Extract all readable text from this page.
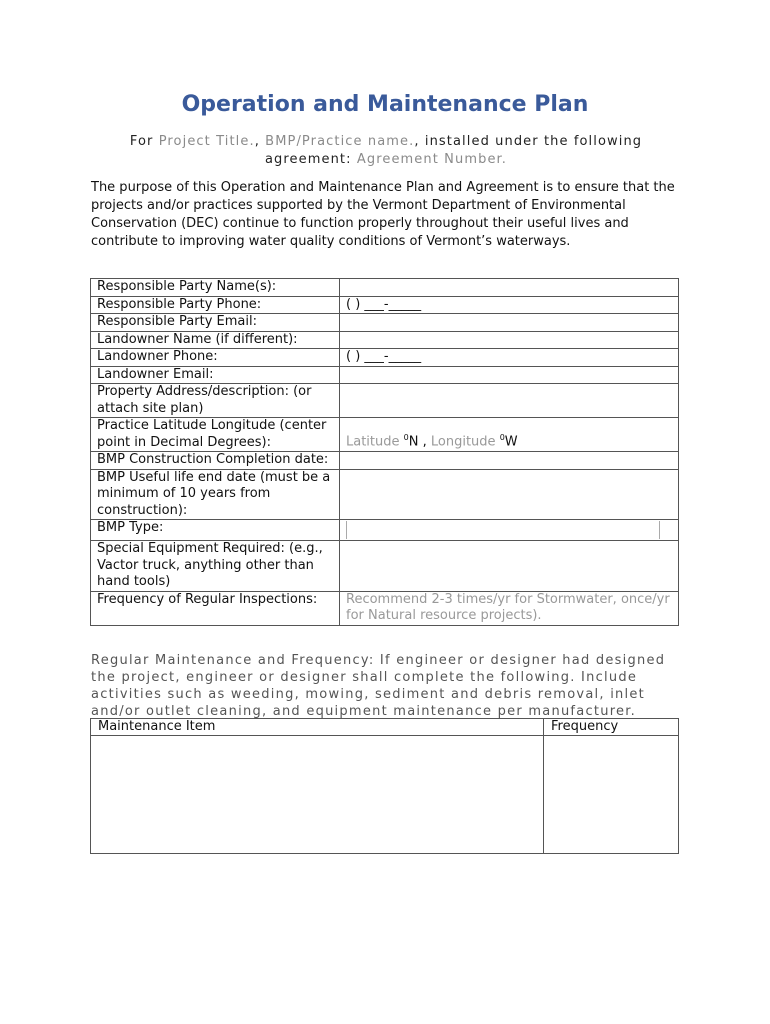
Operation and Maintenance Plan
For Project Title., BMP/Practice name., installed under the following
agreement: Agreement Number.
The purpose of this Operation and Maintenance Plan and Agreement is to ensure that the projects and/or practices supported by the Vermont Department of Environmental Conservation (DEC) continue to function properly throughout their useful lives and contribute to improving water quality conditions of Vermont’s waterways.
Responsible Party Name(s):	
Responsible Party Phone:	( ) ___-_____
Responsible Party Email:	
Landowner Name (if different):	
Landowner Phone:	( ) ___-_____
Landowner Email:	
Property Address/description: (or attach site plan)	
Practice Latitude Longitude (center point in Decimal Degrees):	Latitude $^0$N , Longitude $^0$W
BMP Construction Completion date:	
BMP Useful life end date (must be a minimum of 10 years from construction):	
BMP Type:	

Special Equipment Required: (e.g., Vactor truck, anything other than hand tools)	
Frequency of Regular Inspections:	Recommend 2-3 times/yr for Stormwater, once/yr for Natural resource projects).
Regular Maintenance and Frequency: If engineer or designer had designed the project, engineer or designer shall complete the following. Include activities such as weeding, mowing, sediment and debris removal, inlet and/or outlet cleaning, and equipment maintenance per manufacturer.
Maintenance Item	Frequency
